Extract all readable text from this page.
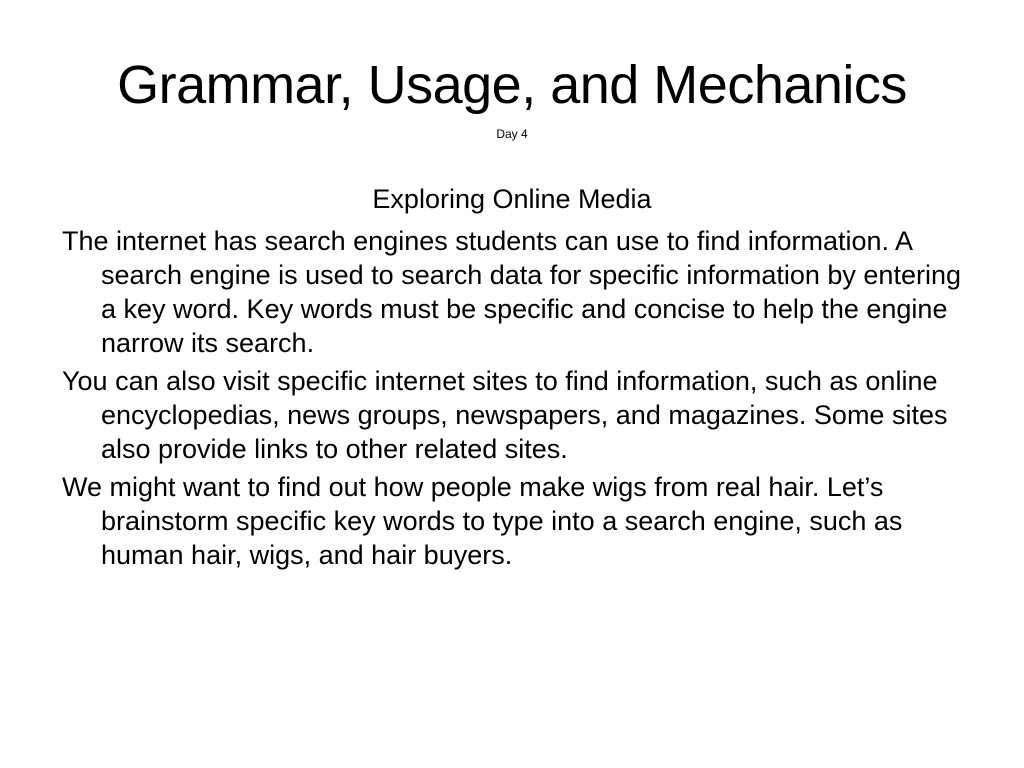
Grammar, Usage, and Mechanics
Day 4
Exploring Online Media

The internet has search engines students can use to find information. A search engine is used to search data for specific information by entering a key word. Key words must be specific and concise to help the engine narrow its search.

You can also visit specific internet sites to find information, such as online encyclopedias, news groups, newspapers, and magazines. Some sites also provide links to other related sites.

We might want to find out how people make wigs from real hair. Let’s brainstorm specific key words to type into a search engine, such as human hair, wigs, and hair buyers.
